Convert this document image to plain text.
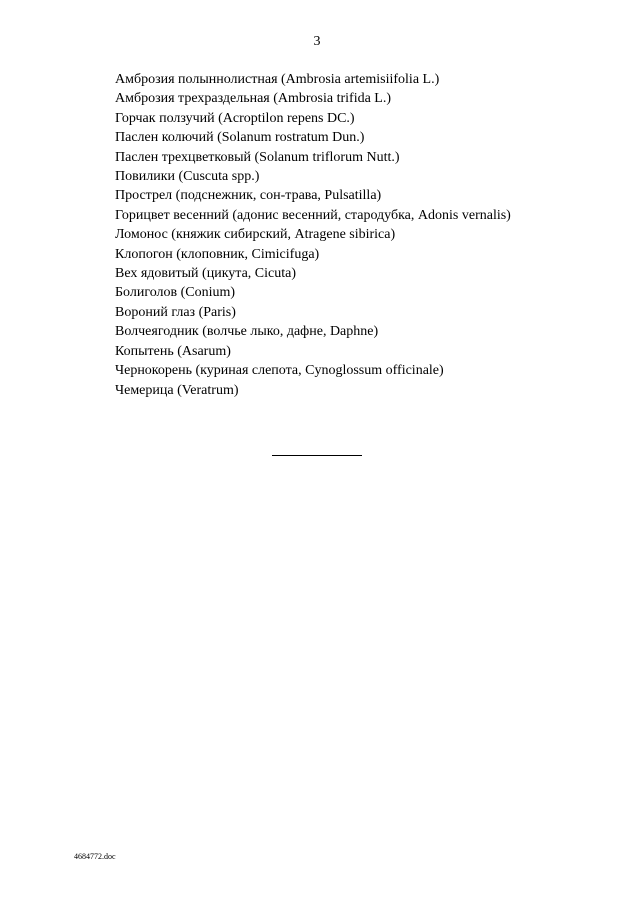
3
Амброзия полыннолистная (Ambrosia artemisiifolia L.)
Амброзия трехраздельная (Ambrosia trifida L.)
Горчак ползучий (Acroptilon repens DC.)
Паслен колючий (Solanum rostratum Dun.)
Паслен трехцветковый (Solanum triflorum Nutt.)
Повилики (Cuscuta spp.)
Прострел (подснежник, сон-трава, Pulsatilla)
Горицвет весенний (адонис весенний, стародубка, Adonis vernalis)
Ломонос (княжик сибирский, Atragene sibirica)
Клопогон (клоповник, Cimicifuga)
Вех ядовитый (цикута, Cicuta)
Болиголов (Conium)
Вороний глаз (Paris)
Волчеягодник (волчье лыко, дафне, Daphne)
Копытень (Asarum)
Чернокорень (куриная слепота, Cynoglossum officinale)
Чемерица (Veratrum)
4684772.doc
